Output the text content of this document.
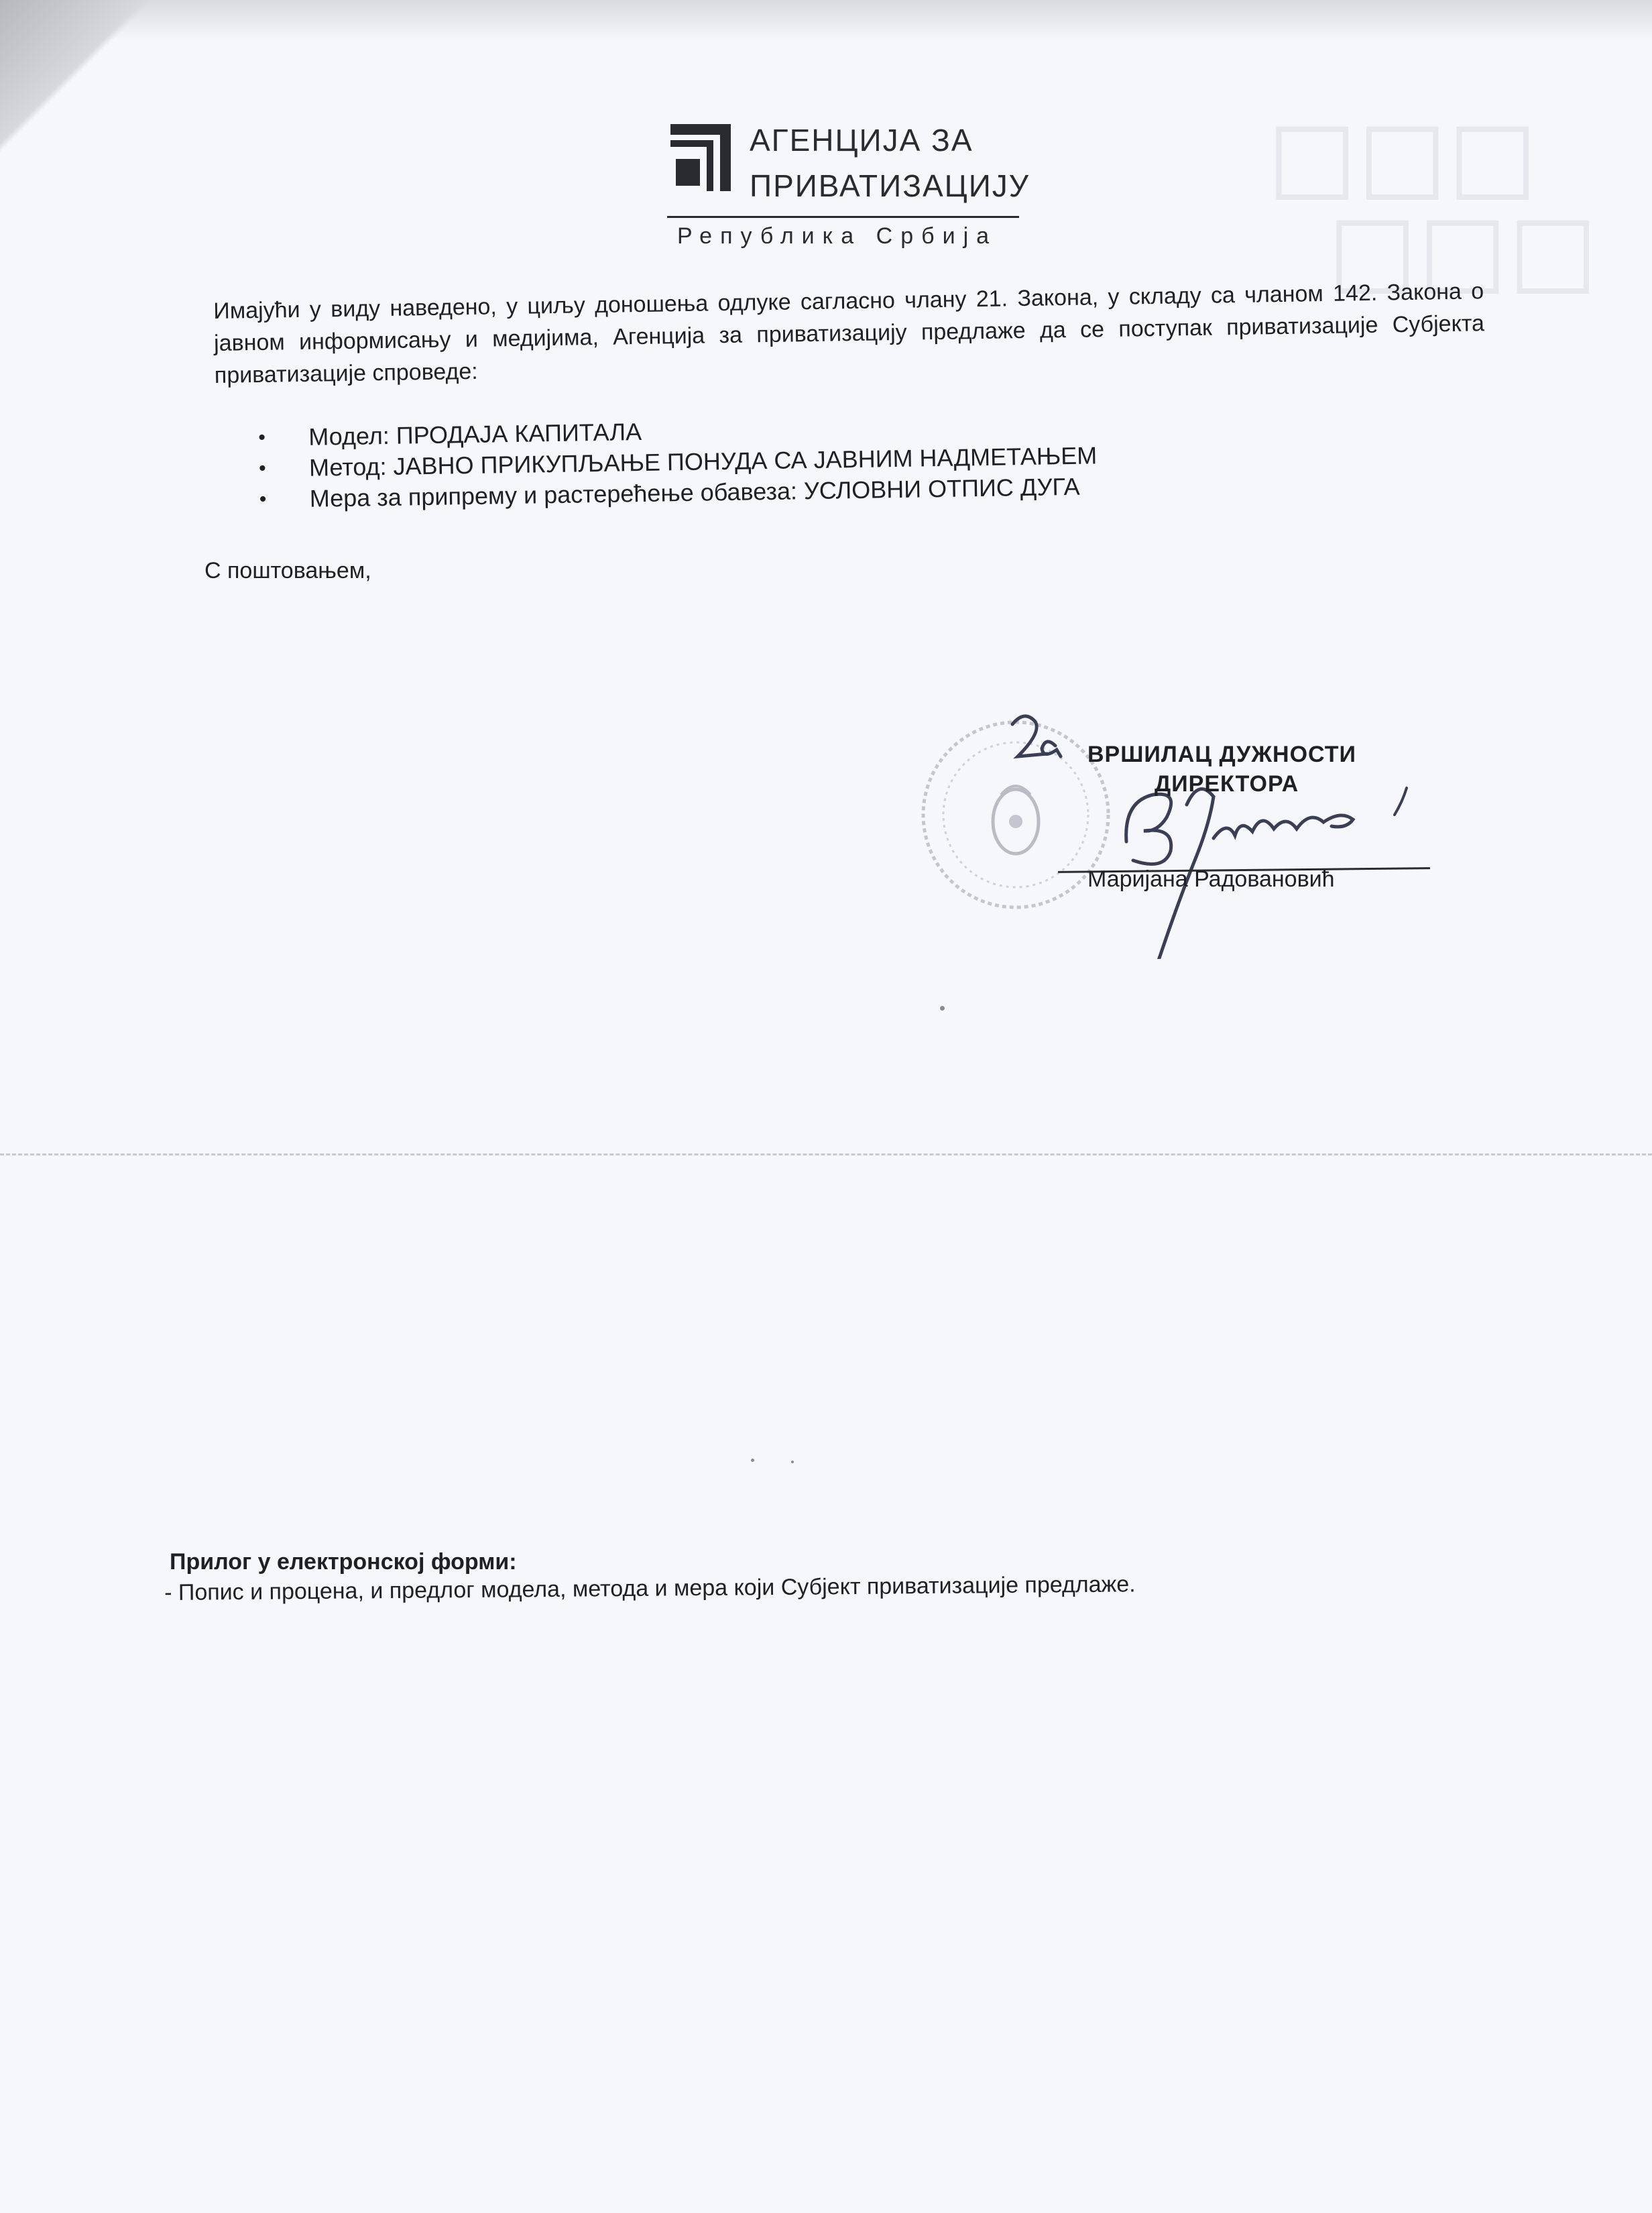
☐☐☐
☐☐☐
АГЕНЦИЈА ЗА
ПРИВАТИЗАЦИЈУ
Република Србија
Имајући у виду наведено, у циљу доношења одлуке сагласно члану 21. Закона, у складу са чланом 142. Закона о јавном информисању и медијима, Агенција за приватизацију предлаже да се поступак приватизације Субјекта приватизације спроведе:
• Модел: ПРОДАЈА КАПИТАЛА
• Метод: ЈАВНО ПРИКУПЉАЊЕ ПОНУДА СА ЈАВНИМ НАДМЕТАЊЕМ
• Мера за припрему и растерећење обавеза: УСЛОВНИ ОТПИС ДУГА
С поштовањем,
ВРШИЛАЦ ДУЖНОСТИ
ДИРЕКТОРА
Маријана Радовановић
Прилог у електронској форми:
- Попис и процена, и предлог модела, метода и мера који Субјект приватизације предлаже.
